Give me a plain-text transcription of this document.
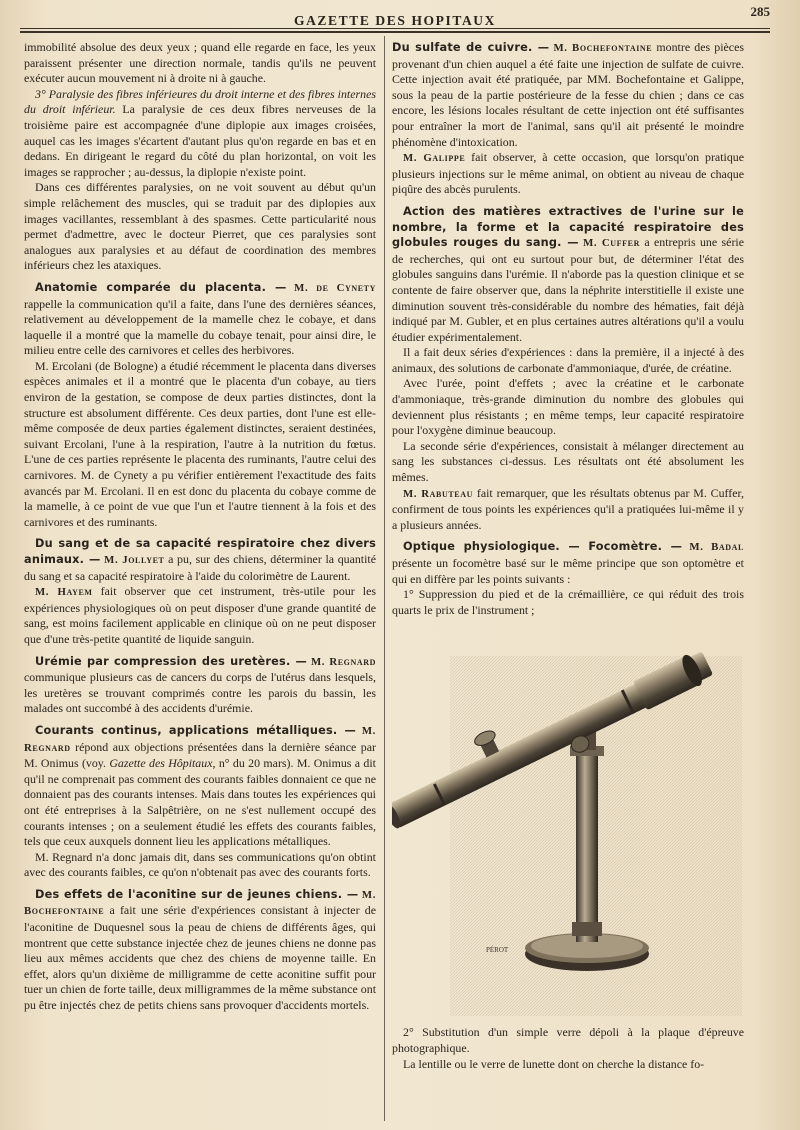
GAZETTE DES HOPITAUX
285

immobilité absolue des deux yeux ; quand elle regarde en face, les yeux paraissent présenter une direction normale, tandis qu'ils ne peuvent exécuter aucun mouvement ni à droite ni à gauche.

3° Paralysie des fibres inférieures du droit interne et des fibres internes du droit inférieur. La paralysie de ces deux fibres nerveuses de la troisième paire est accompagnée d'une diplopie aux images croisées, auquel cas les images s'écartent d'autant plus qu'on regarde en bas et en dedans. En dirigeant le regard du côté du plan horizontal, on voit les images se rapprocher ; au-dessus, la diplopie n'existe point.

Dans ces différentes paralysies, on ne voit souvent au début qu'un simple relâchement des muscles, qui se traduit par des diplopies aux images vacillantes, ressemblant à des spasmes. Cette particularité nous permet d'admettre, avec le docteur Pierret, que ces paralysies sont analogues aux paralysies et au défaut de coordination des membres inférieurs chez les ataxiques.

Anatomie comparée du placenta. — M. de Cynety rappelle la communication qu'il a faite, dans l'une des dernières séances, relativement au développement de la mamelle chez le cobaye, et dans laquelle il a montré que la mamelle du cobaye tenait, pour ainsi dire, le milieu entre celle des carnivores et celles des herbivores.

M. Ercolani (de Bologne) a étudié récemment le placenta dans diverses espèces animales et il a montré que le placenta d'un cobaye, au tiers environ de la gestation, se compose de deux parties distinctes, dont la structure est absolument différente. Ces deux parties, dont l'une est elle-même composée de deux parties également distinctes, seraient destinées, suivant Ercolani, l'une à la respiration, l'autre à la nutrition du fœtus. L'une de ces parties représente le placenta des ruminants, l'autre celui des carnivores. M. de Cynety a pu vérifier entièrement l'exactitude des faits avancés par M. Ercolani. Il en est donc du placenta du cobaye comme de la mamelle, à ce point de vue que l'un et l'autre tiennent à la fois et des carnivores et des ruminants.

Du sang et de sa capacité respiratoire chez divers animaux. — M. Jollyet a pu, sur des chiens, déterminer la quantité du sang et sa capacité respiratoire à l'aide du colorimètre de Laurent.

M. Hayem fait observer que cet instrument, très-utile pour les expériences physiologiques où on peut disposer d'une grande quantité de sang, est moins facilement applicable en clinique où on ne peut disposer que d'une très-petite quantité de liquide sanguin.

Urémie par compression des uretères. — M. Regnard communique plusieurs cas de cancers du corps de l'utérus dans lesquels, les uretères se trouvant comprimés contre les parois du bassin, les malades ont succombé à des accidents d'urémie.

Courants continus, applications métalliques. — M. Regnard répond aux objections présentées dans la dernière séance par M. Onimus (voy. Gazette des Hôpitaux, n° du 20 mars). M. Onimus a dit qu'il ne comprenait pas comment des courants faibles donnaient ce que ne donnaient pas des courants intenses. Mais dans toutes les expériences qui ont été entreprises à la Salpêtrière, on ne s'est nullement occupé des courants intenses ; on a seulement étudié les effets des courants faibles, tels que ceux auxquels donnent lieu les applications métalliques.

M. Regnard n'a donc jamais dit, dans ses communications qu'on obtint avec des courants faibles, ce qu'on n'obtenait pas avec des courants forts.

Des effets de l'aconitine sur de jeunes chiens. — M. Bochefontaine a fait une série d'expériences consistant à injecter de l'aconitine de Duquesnel sous la peau de chiens de différents âges, qui montrent que cette substance injectée chez de jeunes chiens ne donne pas lieu aux mêmes accidents que chez des chiens de moyenne taille. En effet, alors qu'un dixième de milligramme de cette aconitine suffit pour tuer un chien de forte taille, deux milligrammes de la même substance ont pu être injectés chez de petits chiens sans provoquer d'accidents mortels.

Du sulfate de cuivre. — M. Bochefontaine montre des pièces provenant d'un chien auquel a été faite une injection de sulfate de cuivre. Cette injection avait été pratiquée, par MM. Bochefontaine et Galippe, sous la peau de la partie postérieure de la fesse du chien ; dans ce cas encore, les lésions locales résultant de cette injection ont été suffisantes pour entraîner la mort de l'animal, sans qu'il ait présenté le moindre phénomène d'intoxication.

M. Galippe fait observer, à cette occasion, que lorsqu'on pratique plusieurs injections sur le même animal, on obtient au niveau de chaque piqûre des abcès purulents.

Action des matières extractives de l'urine sur le nombre, la forme et la capacité respiratoire des globules rouges du sang. — M. Cuffer a entrepris une série de recherches, qui ont eu surtout pour but, de déterminer l'état des globules sanguins dans l'urémie. Il n'aborde pas la question clinique et se contente de faire observer que, dans la néphrite interstitielle il existe une diminution souvent très-considérable du nombre des hématies, fait déjà indiqué par M. Gubler, et en plus certaines autres altérations qu'il a voulu étudier expérimentalement.

Il a fait deux séries d'expériences : dans la première, il a injecté à des animaux, des solutions de carbonate d'ammoniaque, d'urée, de créatine.

Avec l'urée, point d'effets ; avec la créatine et le carbonate d'ammoniaque, très-grande diminution du nombre des globules qui deviennent plus résistants ; en même temps, leur capacité respiratoire pour l'oxygène diminue beaucoup.

La seconde série d'expériences, consistait à mélanger directement au sang les substances ci-dessus. Les résultats ont été absolument les mêmes.

M. Rabuteau fait remarquer, que les résultats obtenus par M. Cuffer, confirment de tous points les expériences qu'il a pratiquées lui-même il y a plusieurs années.

Optique physiologique. — Focomètre. — M. Badal présente un focomètre basé sur le même principe que son optomètre et qui en diffère par les points suivants :

1° Suppression du pied et de la crémaillière, ce qui réduit des trois quarts le prix de l'instrument ;

PÉROT

2° Substitution d'un simple verre dépoli à la plaque d'épreuve photographique.

La lentille ou le verre de lunette dont on cherche la distance fo-
